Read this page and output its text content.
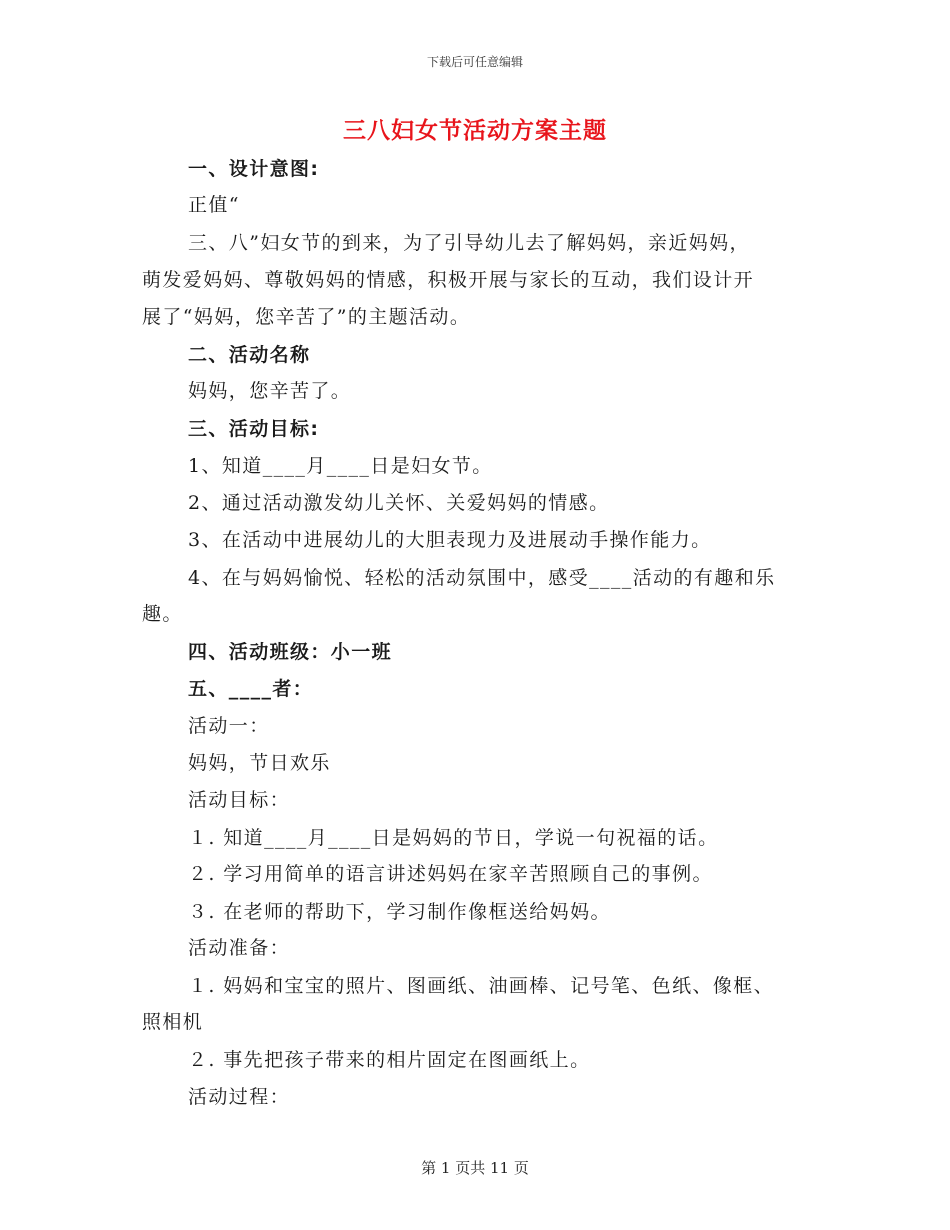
下载后可任意编辑
三八妇女节活动方案主题
一、设计意图:
正值“
三、八”妇女节的到来，为了引导幼儿去了解妈妈，亲近妈妈，
萌发爱妈妈、尊敬妈妈的情感，积极开展与家长的互动，我们设计开
展了“妈妈，您辛苦了”的主题活动。
二、活动名称
妈妈，您辛苦了。
三、活动目标:
1、知道____月____日是妇女节。
2、通过活动激发幼儿关怀、关爱妈妈的情感。
3、在活动中进展幼儿的大胆表现力及进展动手操作能力。
4、在与妈妈愉悦、轻松的活动氛围中，感受____活动的有趣和乐
趣。
四、活动班级：小一班
五、____者：
活动一：
妈妈，节日欢乐
活动目标：
１. 知道____月____日是妈妈的节日，学说一句祝福的话。
２. 学习用简单的语言讲述妈妈在家辛苦照顾自己的事例。
３. 在老师的帮助下，学习制作像框送给妈妈。
活动准备：
１. 妈妈和宝宝的照片、图画纸、油画棒、记号笔、色纸、像框、
照相机
２. 事先把孩子带来的相片固定在图画纸上。
活动过程：
第 1 页共 11 页
